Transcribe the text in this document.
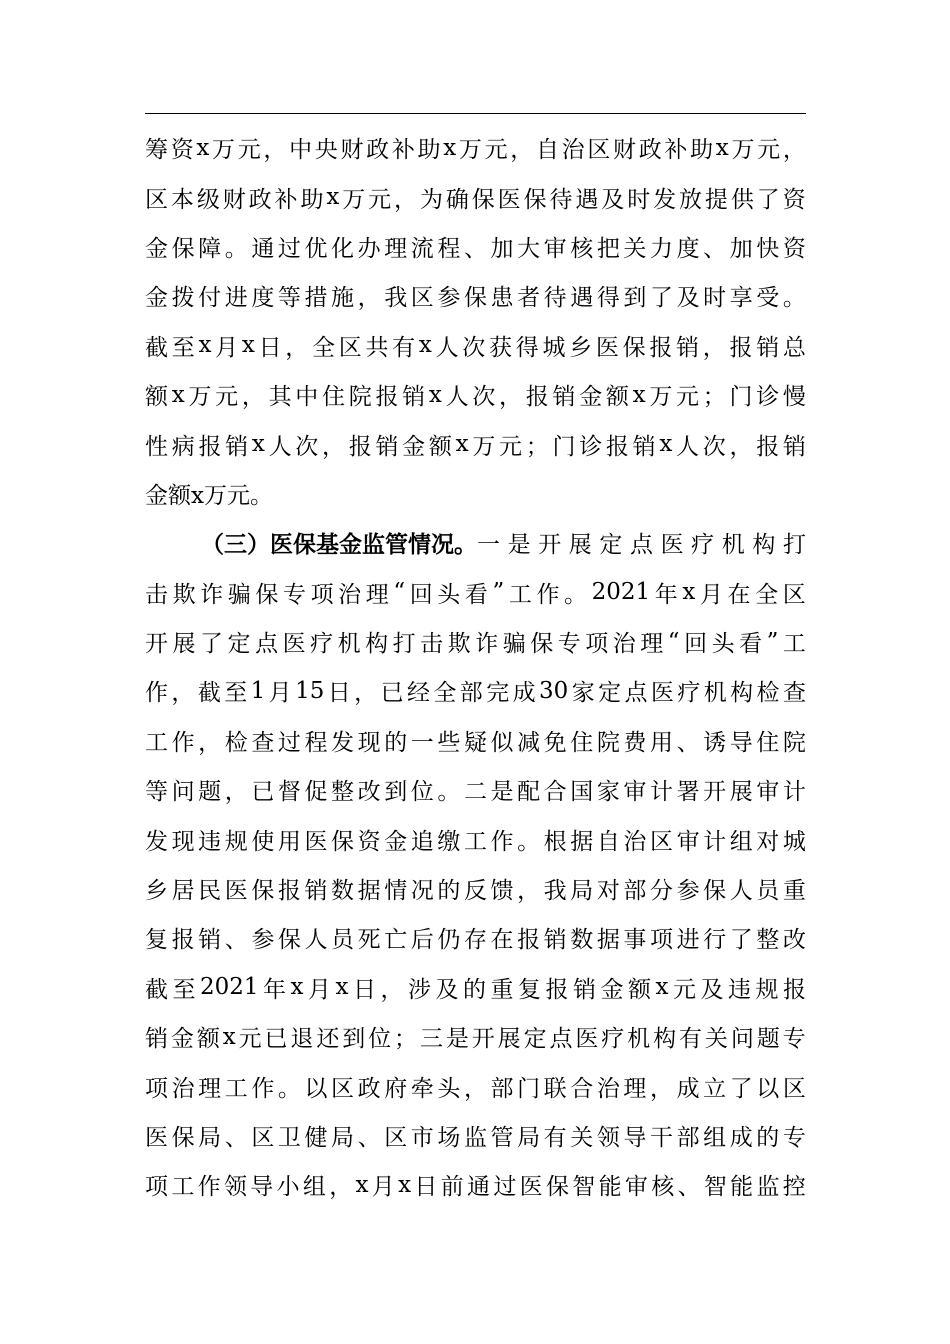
筹 资 x 万 元 ， 中 央 财 政 补 助 x 万 元 ， 自 治 区 财 政 补 助 x 万 元 ，
区 本 级 财 政 补 助 x 万 元 ， 为 确 保 医 保 待 遇 及 时 发 放 提 供 了 资
金 保 障 。 通 过 优 化 办 理 流 程 、 加 大 审 核 把 关 力 度 、 加 快 资
金 拨 付 进 度 等 措 施 ， 我 区 参 保 患 者 待 遇 得 到 了 及 时 享 受 。
截 至 x 月 x 日 ， 全 区 共 有 x 人 次 获 得 城 乡 医 保 报 销 ， 报 销 总
额 x 万 元 ， 其 中 住 院 报 销 x 人 次 ， 报 销 金 额 x 万 元 ； 门 诊 慢
性 病 报 销 x 人 次 ， 报 销 金 额 x 万 元 ； 门 诊 报 销 x 人 次 ， 报 销
金额x万元。
（三）医保基金监管情况。 一 是 开 展 定 点 医 疗 机 构 打
击 欺 诈 骗 保 专 项 治 理 “ 回 头 看 ” 工 作 。 2021 年 x 月 在 全 区
开 展 了 定 点 医 疗 机 构 打 击 欺 诈 骗 保 专 项 治 理 “ 回 头 看 ” 工
作 ， 截 至 1 月 15 日 ， 已 经 全 部 完 成 30 家 定 点 医 疗 机 构 检 查
工 作 ， 检 查 过 程 发 现 的 一 些 疑 似 减 免 住 院 费 用 、 诱 导 住 院
等 问 题 ， 已 督 促 整 改 到 位 。 二 是 配 合 国 家 审 计 署 开 展 审 计
发 现 违 规 使 用 医 保 资 金 追 缴 工 作 。 根 据 自 治 区 审 计 组 对 城
乡 居 民 医 保 报 销 数 据 情 况 的 反 馈 ， 我 局 对 部 分 参 保 人 员 重
复 报 销 、 参 保 人 员 死 亡 后 仍 存 在 报 销 数 据 事 项 进 行 了 整 改
截 至 2021 年 x 月 x 日 ， 涉 及 的 重 复 报 销 金 额 x 元 及 违 规 报
销 金 额 x 元 已 退 还 到 位 ； 三 是 开 展 定 点 医 疗 机 构 有 关 问 题 专
项 治 理 工 作 。 以 区 政 府 牵 头 ， 部 门 联 合 治 理 ， 成 立 了 以 区
医 保 局 、 区 卫 健 局 、 区 市 场 监 管 局 有 关 领 导 干 部 组 成 的 专
项 工 作 领 导 小 组 ， x 月 x 日 前 通 过 医 保 智 能 审 核 、 智 能 监 控
